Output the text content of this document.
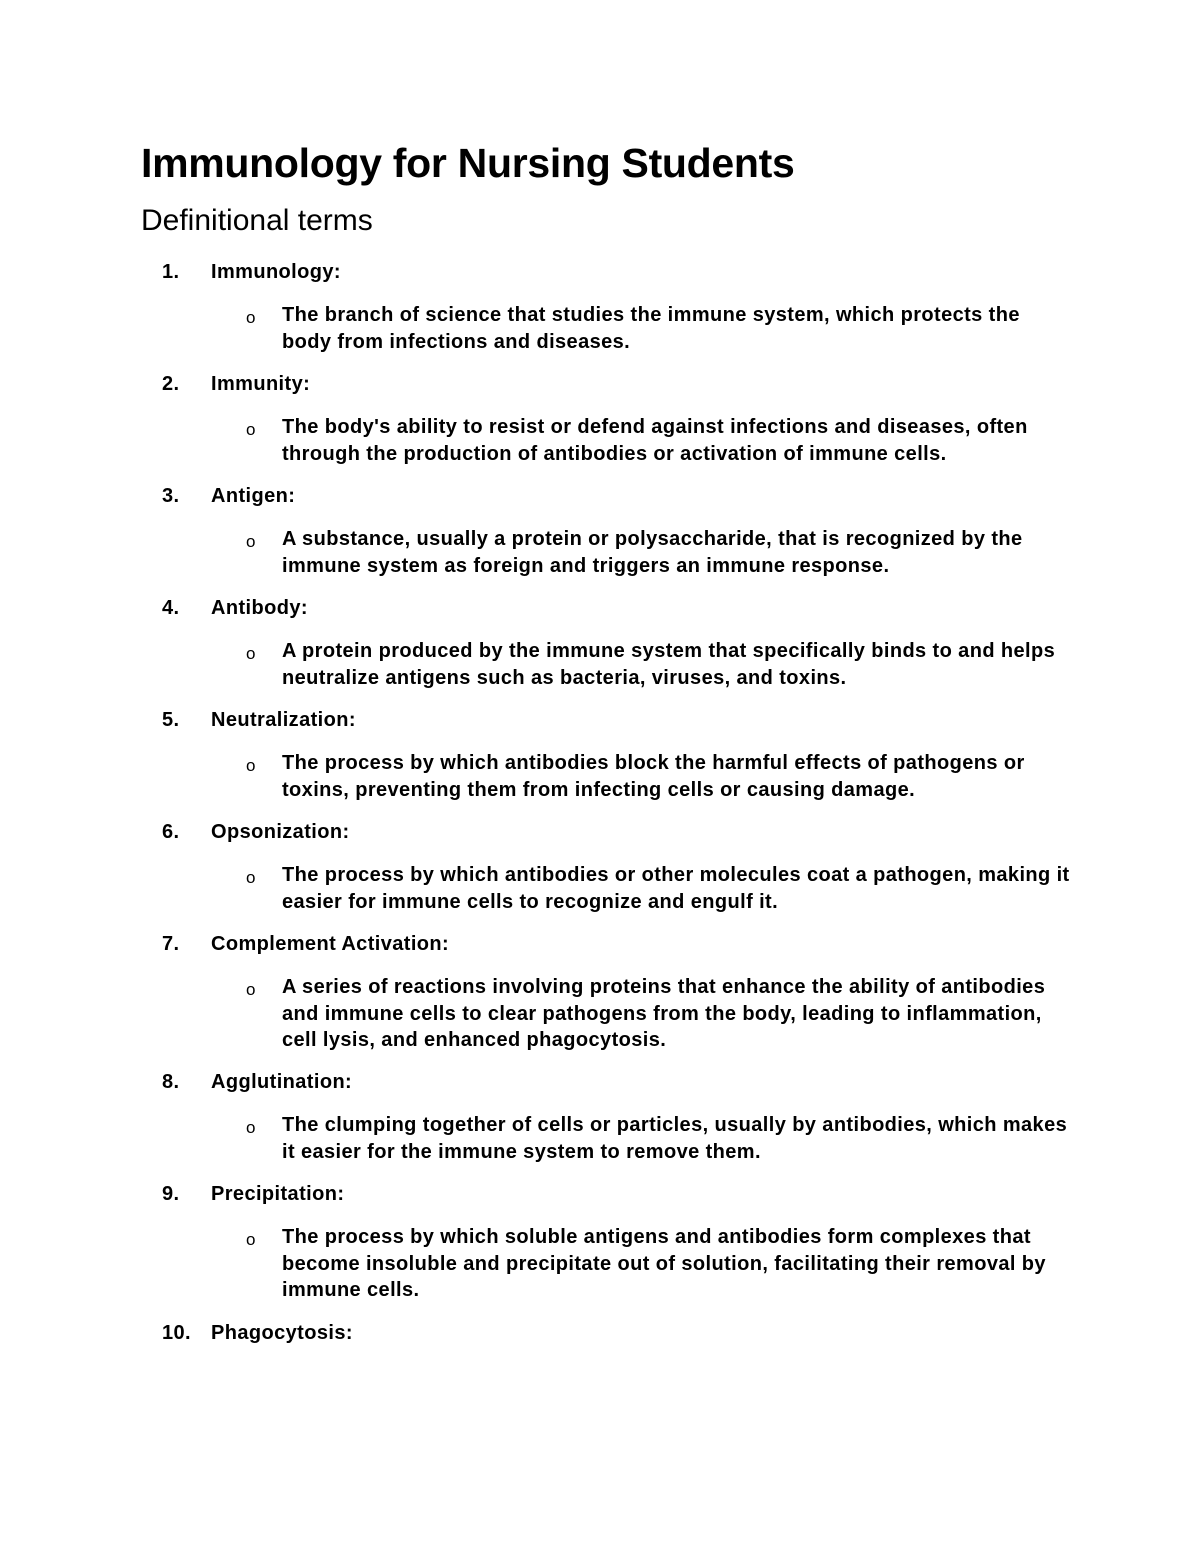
Immunology for Nursing Students
Definitional terms
1.	Immunology:
o The branch of science that studies the immune system, which protects the body from infections and diseases.
2.	Immunity:
o The body's ability to resist or defend against infections and diseases, often through the production of antibodies or activation of immune cells.
3.	Antigen:
o A substance, usually a protein or polysaccharide, that is recognized by the immune system as foreign and triggers an immune response.
4.	Antibody:
o A protein produced by the immune system that specifically binds to and helps neutralize antigens such as bacteria, viruses, and toxins.
5.	Neutralization:
o The process by which antibodies block the harmful effects of pathogens or toxins, preventing them from infecting cells or causing damage.
6.	Opsonization:
o The process by which antibodies or other molecules coat a pathogen, making it easier for immune cells to recognize and engulf it.
7.	Complement Activation:
o A series of reactions involving proteins that enhance the ability of antibodies and immune cells to clear pathogens from the body, leading to inflammation, cell lysis, and enhanced phagocytosis.
8.	Agglutination:
o The clumping together of cells or particles, usually by antibodies, which makes it easier for the immune system to remove them.
9.	Precipitation:
o The process by which soluble antigens and antibodies form complexes that become insoluble and precipitate out of solution, facilitating their removal by immune cells.
10. Phagocytosis:
